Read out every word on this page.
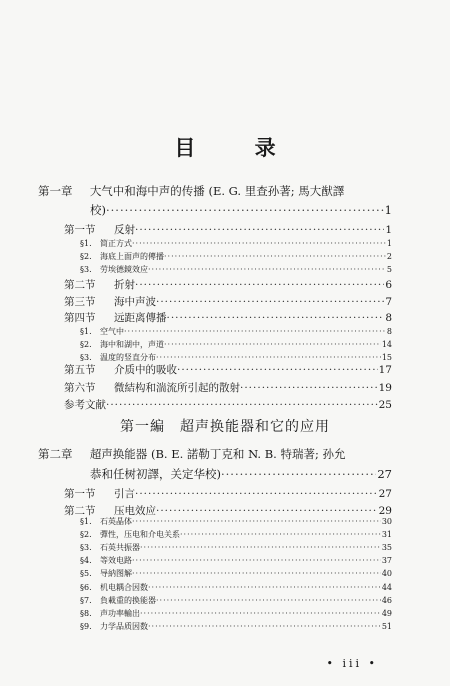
目 录
第一章 大气中和海中声的传播 (E. G. 里查孙著; 馬大猷譯
校) ·····	1
第一节	反射 ·····	1
§1.	简正方式 ·····	1
§2.	海底上面声的傳播 ·····	2
§3.	劳埃德鏡效应 ·····	5
第二节	折射 ·····	6
第三节	海中声波 ·····	7
第四节	远距离傳播 ·····	8
§1.	空气中 ·····	8
§2.	海中和湖中，声道 ·····	14
§3.	温度的竖直分布 ·····	15
第五节	介质中的吸收 ·····	17
第六节	微結构和湍流所引起的散射 ·····	19
参考文献 ·····	25
第一編　超声换能器和它的应用
第二章 超声换能器 (B. E. 諾勒丁克和 N. B. 特瑞著; 孙允
恭和任树初譯，关定华校) ·····	27
第一节	引言 ·····	27
第二节	压电效应 ·····	29
§1.	石英晶体 ·····	30
§2.	彈性，压电和介电关系 ·····	31
§3.	石英共振器 ·····	35
§4.	等效电路 ·····	37
§5.	导納图解 ·····	40
§6.	机电耦合因数 ·····	44
§7.	負載重的换能器 ·····	46
§8.	声功率輸出 ·····	49
§9.	力学品质因数 ·····	51
• iii •
